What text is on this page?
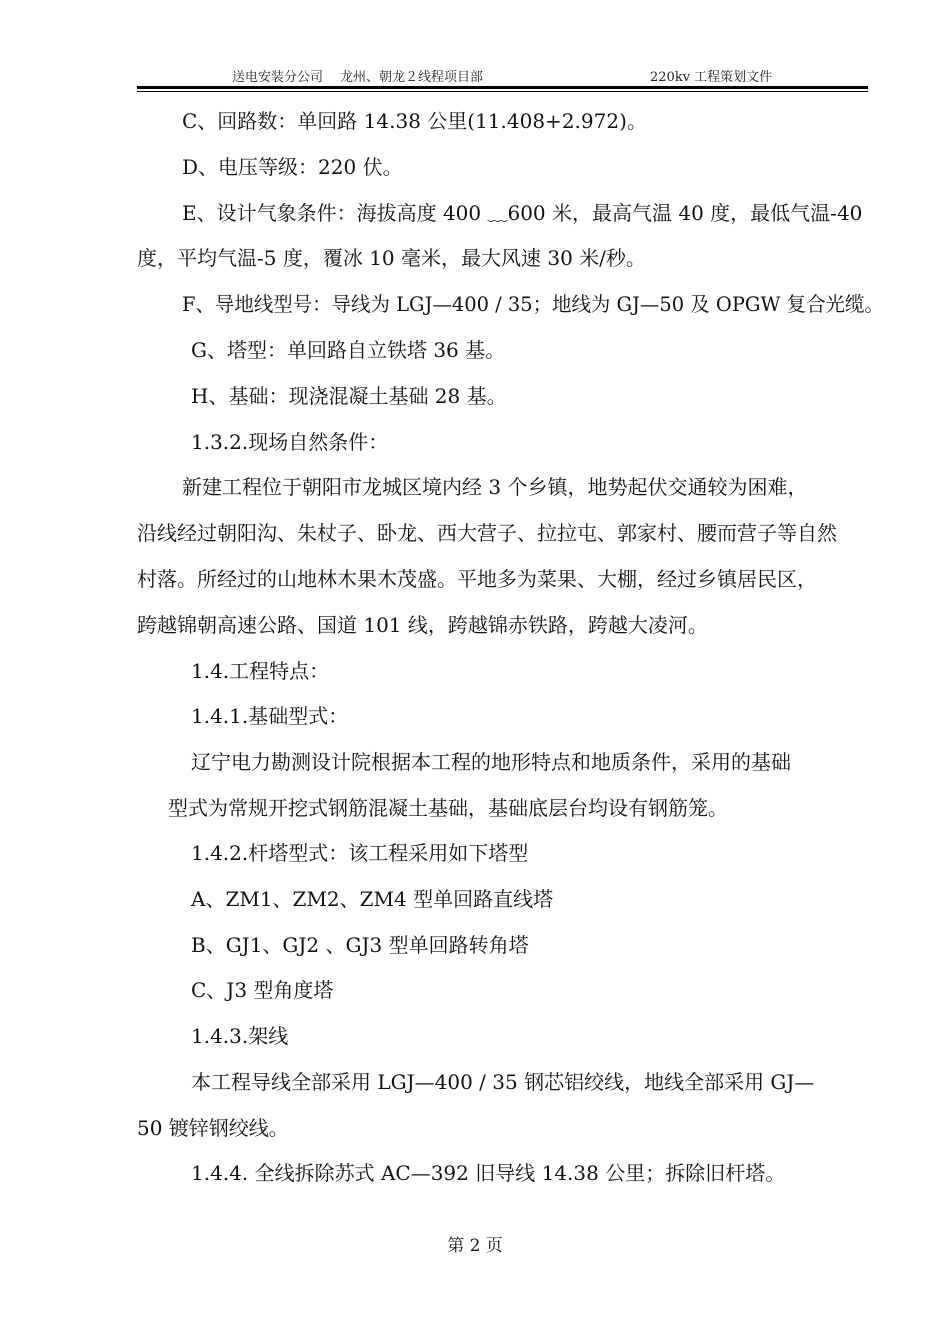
送电安装分公司 龙州、朝龙２线程项目部	220kv 工程策划文件
C、回路数：单回路 14.38 公里(11.408+2.972)。
D、电压等级：220 伏。
E、设计气象条件：海拔高度 400 ﹏600 米，最高气温 40 度，最低气温-40
度，平均气温-5 度，覆冰 10 毫米，最大风速 30 米/秒。
F、导地线型号：导线为 LGJ—400 / 35；地线为 GJ—50 及 OPGW 复合光缆。
G、塔型：单回路自立铁塔 36 基。
H、基础：现浇混凝土基础 28 基。
1.3.2.现场自然条件：
新建工程位于朝阳市龙城区境内经 3 个乡镇，地势起伏交通较为困难，
沿线经过朝阳沟、朱杖子、卧龙、西大营子、拉拉屯、郭家村、腰而营子等自然
村落。所经过的山地林木果木茂盛。平地多为菜果、大棚，经过乡镇居民区，
跨越锦朝高速公路、国道 101 线，跨越锦赤铁路，跨越大凌河。
1.4.工程特点：
1.4.1.基础型式：
辽宁电力勘测设计院根据本工程的地形特点和地质条件，采用的基础
型式为常规开挖式钢筋混凝土基础，基础底层台均设有钢筋笼。
1.4.2.杆塔型式：该工程采用如下塔型
A、ZM1、ZM2、ZM4 型单回路直线塔
B、GJ1、GJ2 、GJ3 型单回路转角塔
C、J3 型角度塔
1.4.3.架线
本工程导线全部采用 LGJ—400 / 35 钢芯铝绞线，地线全部采用 GJ—
50 镀锌钢绞线。
1.4.4. 全线拆除苏式 AC—392 旧导线 14.38 公里；拆除旧杆塔。
第 2 页
